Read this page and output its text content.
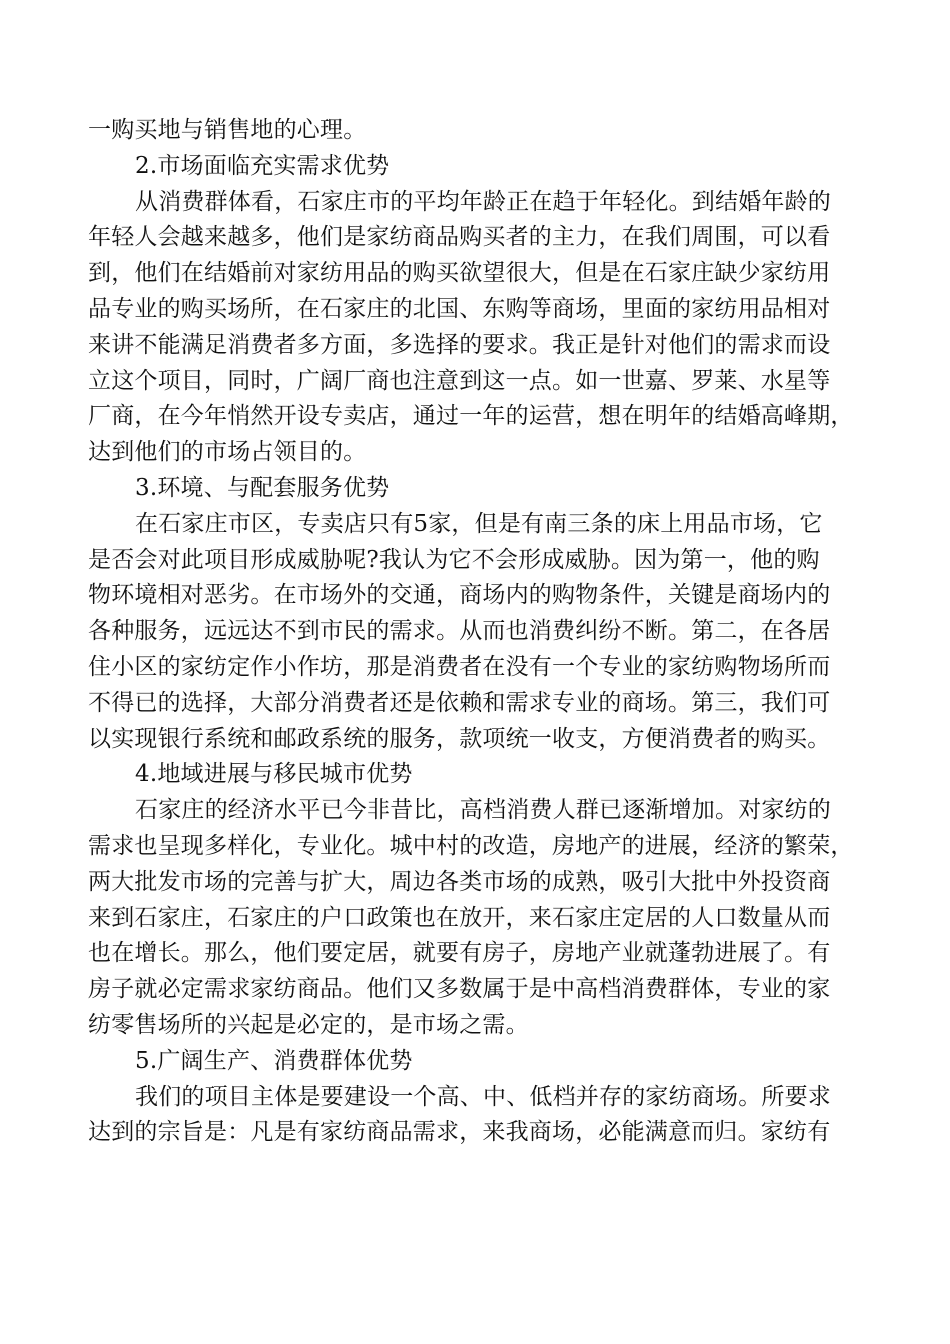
一购买地与销售地的心理。
2.市场面临充实需求优势
从消费群体看，石家庄市的平均年龄正在趋于年轻化。到结婚年龄的
年轻人会越来越多，他们是家纺商品购买者的主力，在我们周围，可以看
到，他们在结婚前对家纺用品的购买欲望很大，但是在石家庄缺少家纺用
品专业的购买场所，在石家庄的北国、东购等商场，里面的家纺用品相对
来讲不能满足消费者多方面，多选择的要求。我正是针对他们的需求而设
立这个项目，同时，广阔厂商也注意到这一点。如一世嘉、罗莱、水星等
厂商，在今年悄然开设专卖店，通过一年的运营，想在明年的结婚高峰期，
达到他们的市场占领目的。
3.环境、与配套服务优势
在石家庄市区，专卖店只有5家，但是有南三条的床上用品市场，它
是否会对此项目形成威胁呢?我认为它不会形成威胁。因为第一，他的购
物环境相对恶劣。在市场外的交通，商场内的购物条件，关键是商场内的
各种服务，远远达不到市民的需求。从而也消费纠纷不断。第二，在各居
住小区的家纺定作小作坊，那是消费者在没有一个专业的家纺购物场所而
不得已的选择，大部分消费者还是依赖和需求专业的商场。第三，我们可
以实现银行系统和邮政系统的服务，款项统一收支，方便消费者的购买。
4.地域进展与移民城市优势
石家庄的经济水平已今非昔比，高档消费人群已逐渐增加。对家纺的
需求也呈现多样化，专业化。城中村的改造，房地产的进展，经济的繁荣，
两大批发市场的完善与扩大，周边各类市场的成熟，吸引大批中外投资商
来到石家庄，石家庄的户口政策也在放开，来石家庄定居的人口数量从而
也在增长。那么，他们要定居，就要有房子，房地产业就蓬勃进展了。有
房子就必定需求家纺商品。他们又多数属于是中高档消费群体，专业的家
纺零售场所的兴起是必定的，是市场之需。
5.广阔生产、消费群体优势
我们的项目主体是要建设一个高、中、低档并存的家纺商场。所要求
达到的宗旨是：凡是有家纺商品需求，来我商场，必能满意而归。家纺有
